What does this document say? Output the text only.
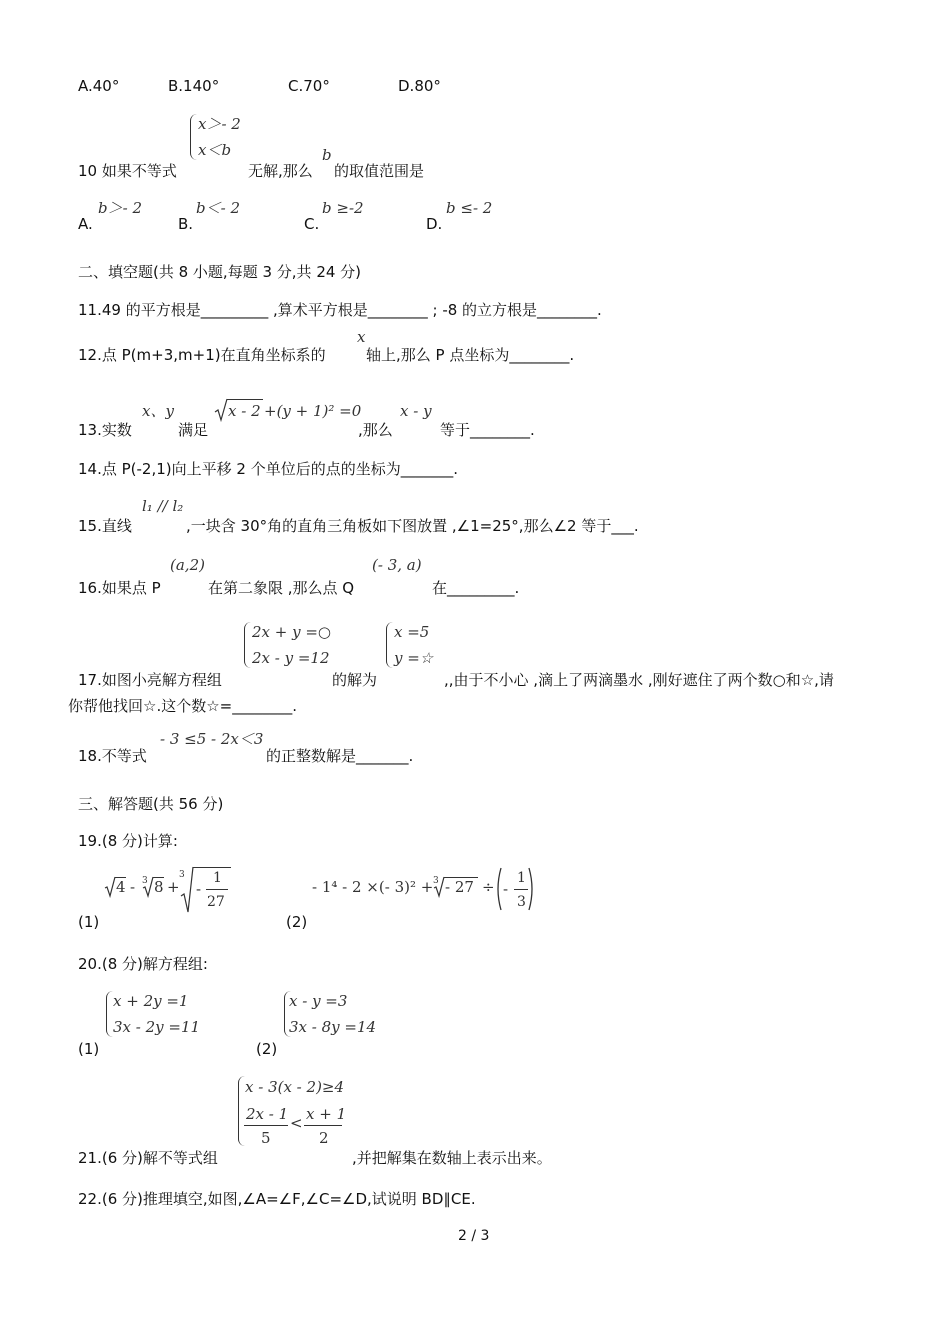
A.40°	B.140°	C.70°	D.80°
x＞- 2
x＜b
10 如果不等式	无解,那么
b
的取值范围是
A.
b＞- 2
B.
b＜- 2
C.
b ≥-2
D.
b ≤- 2
二、填空题(共 8 小题,每题 3 分,共 24 分)
11.49 的平方根是_________ ,算术平方根是________ ; -8 的立方根是________.
12.点 P(m+3,m+1)在直角坐标系的
x
轴上,那么 P 点坐标为________.
13.实数
x、y
满足
x - 2 +(y + 1)² =0
,那么
x - y
等于________.
14.点 P(-2,1)向上平移 2 个单位后的点的坐标为_______.
15.直线
l₁ // l₂
,一块含 30°角的直角三角板如下图放置 ,∠1=25°,那么∠2 等于___.
16.如果点 P
(a,2)
在第二象限 ,那么点 Q
(- 3, a)
在_________.
2x + y =○
2x - y =12
x =5
y =☆
17.如图小亮解方程组	的解为	,,由于不小心 ,滴上了两滴墨水 ,刚好遮住了两个数○和☆,请
你帮他找回☆.这个数☆=________.
18.不等式
- 3 ≤5 - 2x＜3
的正整数解是_______.
三、解答题(共 56 分)
19.(8 分)计算:
(1)	(2)
4 - 3 8 +
3
-
1
27
- 1⁴ - 2 ×(- 3)² + 3 - 27 ÷ -
1
3
20.(8 分)解方程组:
x + 2y =1
3x - 2y =11
x - y =3
3x - 8y =14
(1)	(2)
x - 3(x - 2)≥4
2x - 1
5
< x + 1
2
21.(6 分)解不等式组	,并把解集在数轴上表示出来。
22.(6 分)推理填空,如图,∠A=∠F,∠C=∠D,试说明 BD∥CE.
2 / 3
